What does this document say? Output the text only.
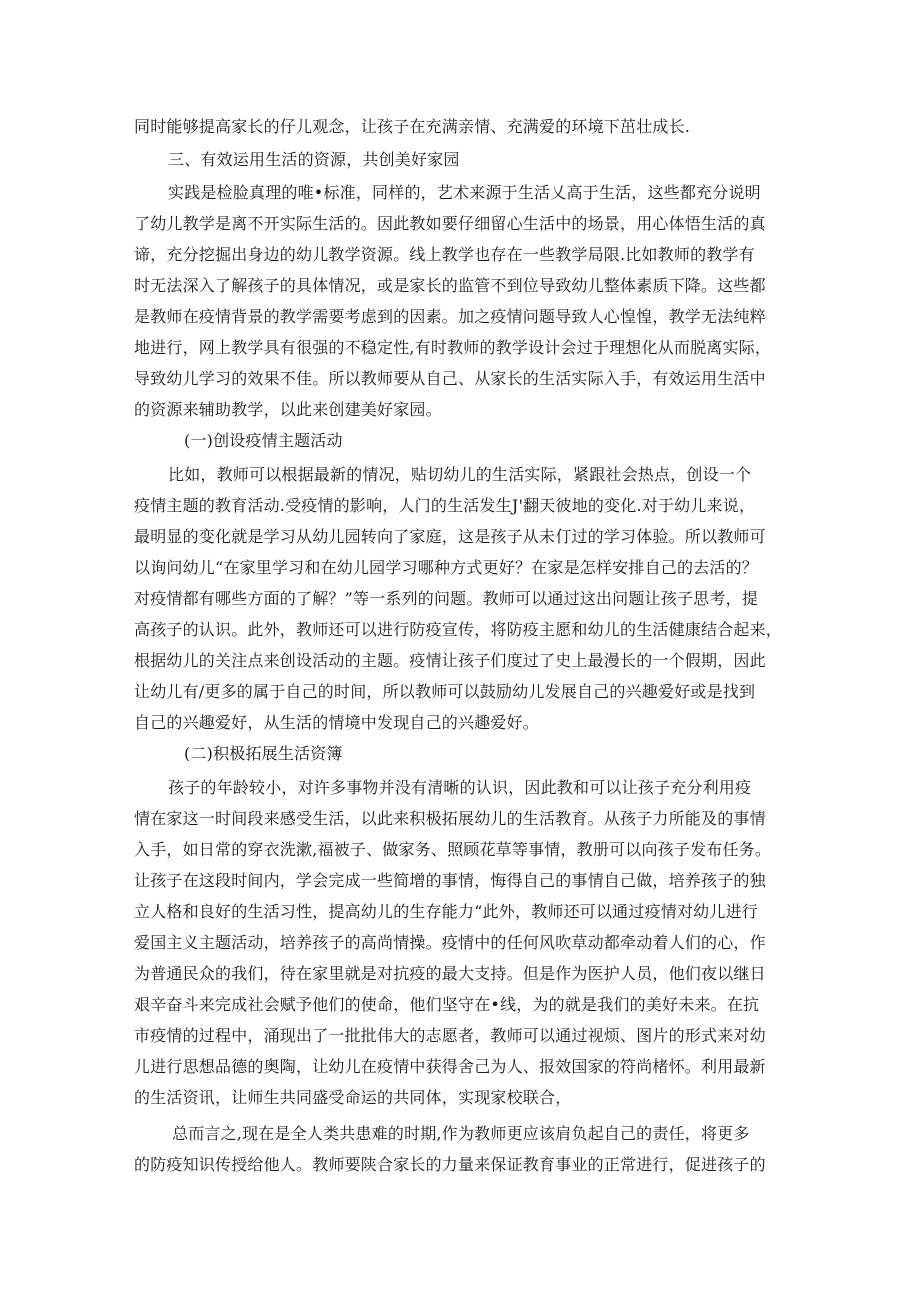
同时能够提高家长的仔儿观念，让孩子在充满亲情、充满爱的环境下茁壮成长.
三、有效运用生活的资源，共创美好家园
实践是检脸真理的唯•标准，同样的，艺术来源于生活乂高于生活，这些都充分说明
了幼儿教学是离不开实际生活的。因此教如要仔细留心生活中的场景，用心体悟生活的真
谛，充分挖掘出身边的幼儿教学资源。线上教学也存在一些教学局限.比如教师的教学有
时无法深入了解孩子的具体情况，或是家长的监管不到位导致幼儿整体素质下降。这些都
是教师在疫情背景的教学需要考虑到的因素。加之疫情问题导致人心惶惶，教学无法纯粹
地进行，网上教学具有很强的不稳定性,有时教师的教学设计会过于理想化从而脱离实际，
导致幼儿学习的效果不佳。所以教师要从自己、从家长的生活实际入手，有效运用生活中
的资源来辅助教学，以此来创建美好家园。
(一)创设疫情主题活动
比如，教师可以根据最新的情况，贴切幼儿的生活实际，紧跟社会热点，创设一个
疫情主题的教育活动.受疫情的影响，人门的生活发生J'翻天彼地的变化.对于幼儿来说，
最明显的变化就是学习从幼儿园转向了家庭，这是孩子从未仃过的学习体验。所以教师可
以询问幼儿“在家里学习和在幼儿园学习哪种方式更好？在家是怎样安排自己的去活的？
对疫情都有哪些方面的了解？”等一系列的问题。教师可以通过这出问题让孩子思考，提
高孩子的认识。此外，教师还可以进行防疫宣传，将防疫主愿和幼儿的生活健康结合起来，
根据幼儿的关注点来创设活动的主题。疫情让孩子们度过了史上最漫长的一个假期，因此
让幼儿有/更多的属于自己的时间，所以教师可以鼓励幼儿发展自己的兴趣爱好或是找到
自己的兴趣爱好，从生活的情境中发现自己的兴趣爱好。
(二)积极拓展生活资簿
孩子的年龄较小，对许多事物并没有清晰的认识，因此教和可以让孩子充分利用疫
情在家这一时间段来感受生活，以此来积极拓展幼儿的生活教育。从孩子力所能及的事情
入手，如日常的穿衣洗漱,福被子、做家务、照顾花草等事情，教册可以向孩子发布任务。
让孩子在这段时间内，学会完成一些简增的事情，悔得自己的事情自己做，培养孩子的独
立人格和良好的生活习性，提高幼儿的生存能力“此外，教师还可以通过疫情对幼儿进行
爱国主义主题活动，培养孩子的高尚情操。疫情中的任何风吹草动都牵动着人们的心，作
为普通民众的我们，待在家里就是对抗疫的最大支持。但是作为医护人员，他们夜以继日
艰辛奋斗来完成社会赋予他们的使命，他们坚守在•线，为的就是我们的美好未来。在抗
市疫情的过程中，涌现出了一批批伟大的志愿者，教师可以通过视烦、图片的形式来对幼
儿进行思想品德的奥陶，让幼儿在疫情中获得舍己为人、报效国家的符尚楮怀。利用最新
的生活资讯，让师生共同盛受命运的共同体，实现家校联合，
总而言之,现在是全人类共患难的时期,作为教师更应该肩负起自己的责任，将更多
的防疫知识传授给他人。教师要陕合家长的力量来保证教育事业的正常进行，促进孩子的
